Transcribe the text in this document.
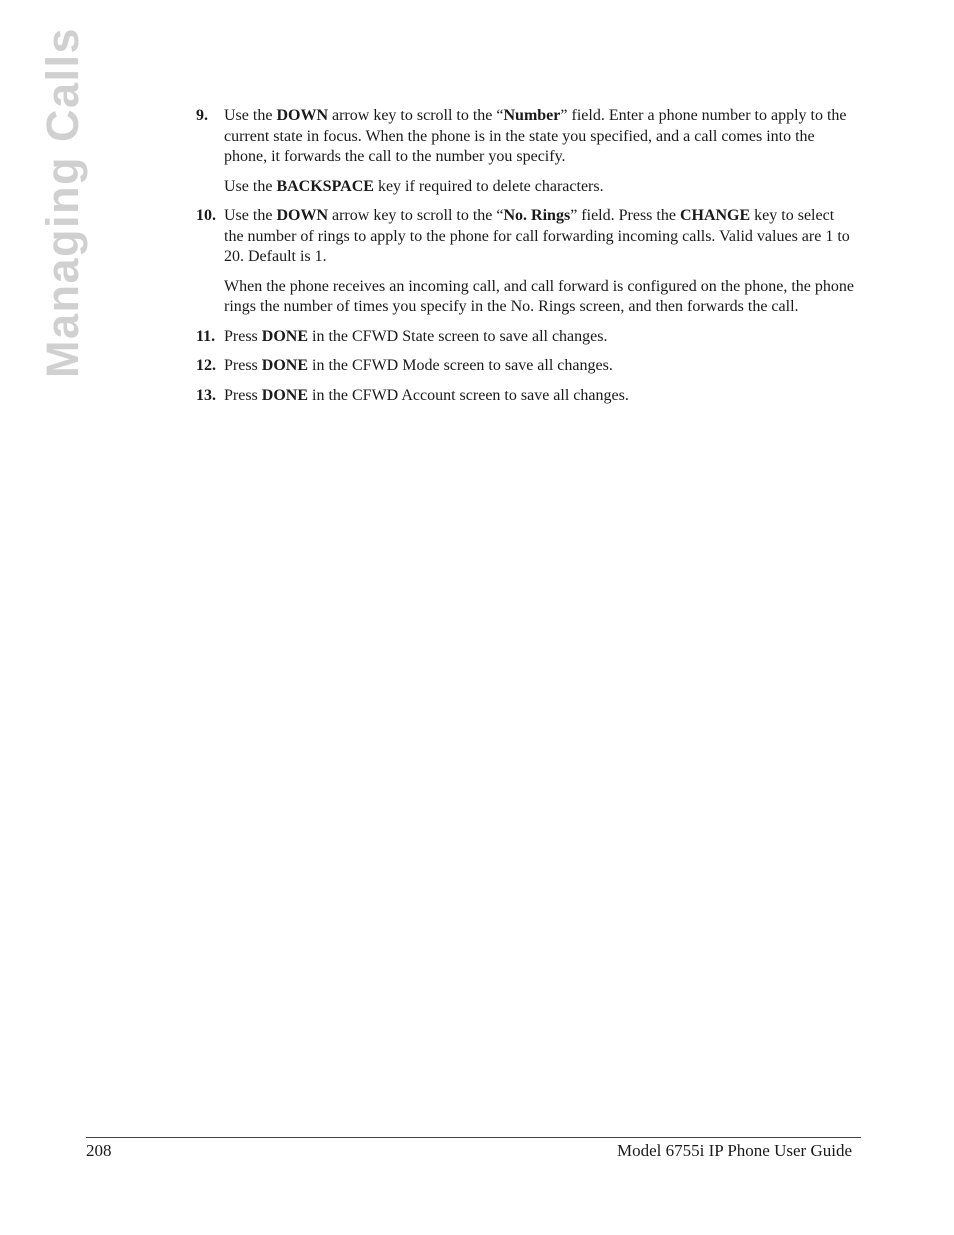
Managing Calls	9. Use the DOWN arrow key to scroll to the “Number” field. Enter a phone number to apply to the current state in focus. When the phone is in the state you specified, and a call comes into the phone, it forwards the call to the number you specify.

Use the BACKSPACE key if required to delete characters.

10. Use the DOWN arrow key to scroll to the “No. Rings” field. Press the CHANGE key to select the number of rings to apply to the phone for call forwarding incoming calls. Valid values are 1 to 20. Default is 1.

When the phone receives an incoming call, and call forward is configured on the phone, the phone rings the number of times you specify in the No. Rings screen, and then forwards the call.

11. Press DONE in the CFWD State screen to save all changes.

12. Press DONE in the CFWD Mode screen to save all changes.

13. Press DONE in the CFWD Account screen to save all changes.

208	Model 6755i IP Phone User Guide
